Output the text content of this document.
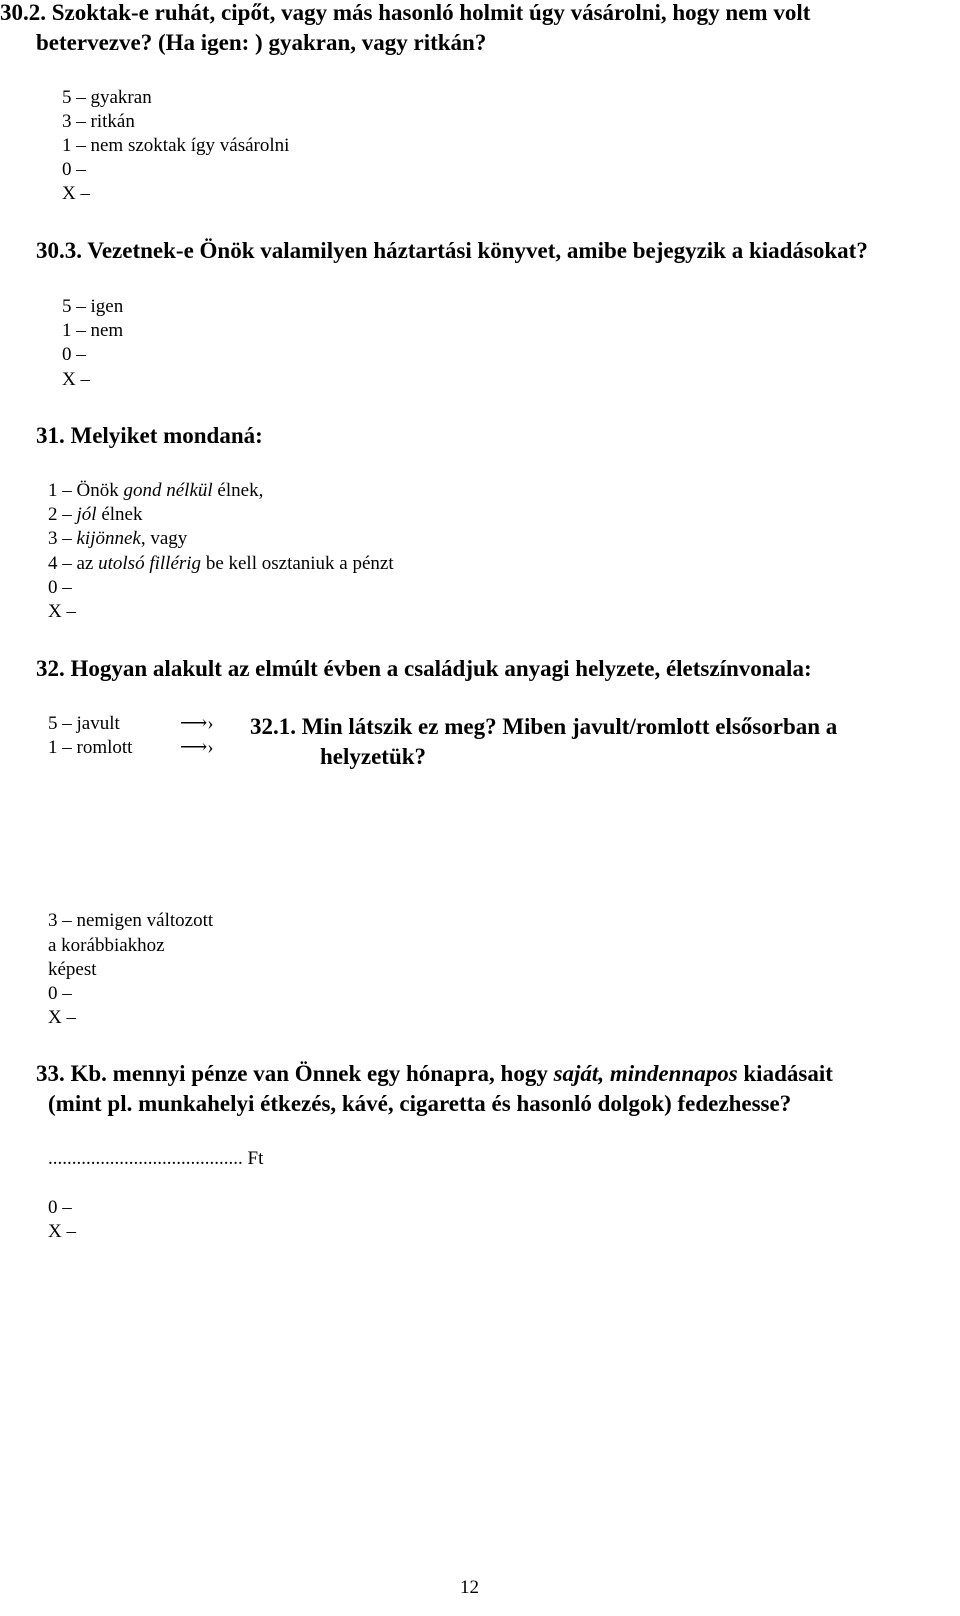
30.2. Szoktak-e ruhát, cipőt, vagy más hasonló holmit úgy vásárolni, hogy nem volt
betervezve? (Ha igen: ) gyakran, vagy ritkán?
5 – gyakran
3 – ritkán
1 – nem szoktak így vásárolni
0 –
X –
30.3. Vezetnek-e Önök valamilyen háztartási könyvet, amibe bejegyzik a kiadásokat?
5 – igen
1 – nem
0 –
X –
31. Melyiket mondaná:
1 – Önök gond nélkül élnek,
2 – jól élnek
3 – kijönnek, vagy
4 – az utolsó fillérig be kell osztaniuk a pénzt
0 –
X –
32. Hogyan alakult az elmúlt évben a családjuk anyagi helyzete, életszínvonala:
5 – javult	⟶›
1 – romlott	⟶›
32.1. Min látszik ez meg? Miben javult/romlott elsősorban a
helyzetük?
3 – nemigen változott
a korábbiakhoz
képest
0 –
X –
33. Kb. mennyi pénze van Önnek egy hónapra, hogy saját, mindennapos kiadásait
(mint pl. munkahelyi étkezés, kávé, cigaretta és hasonló dolgok) fedezhesse?
......................................... Ft
0 –
X –
12
